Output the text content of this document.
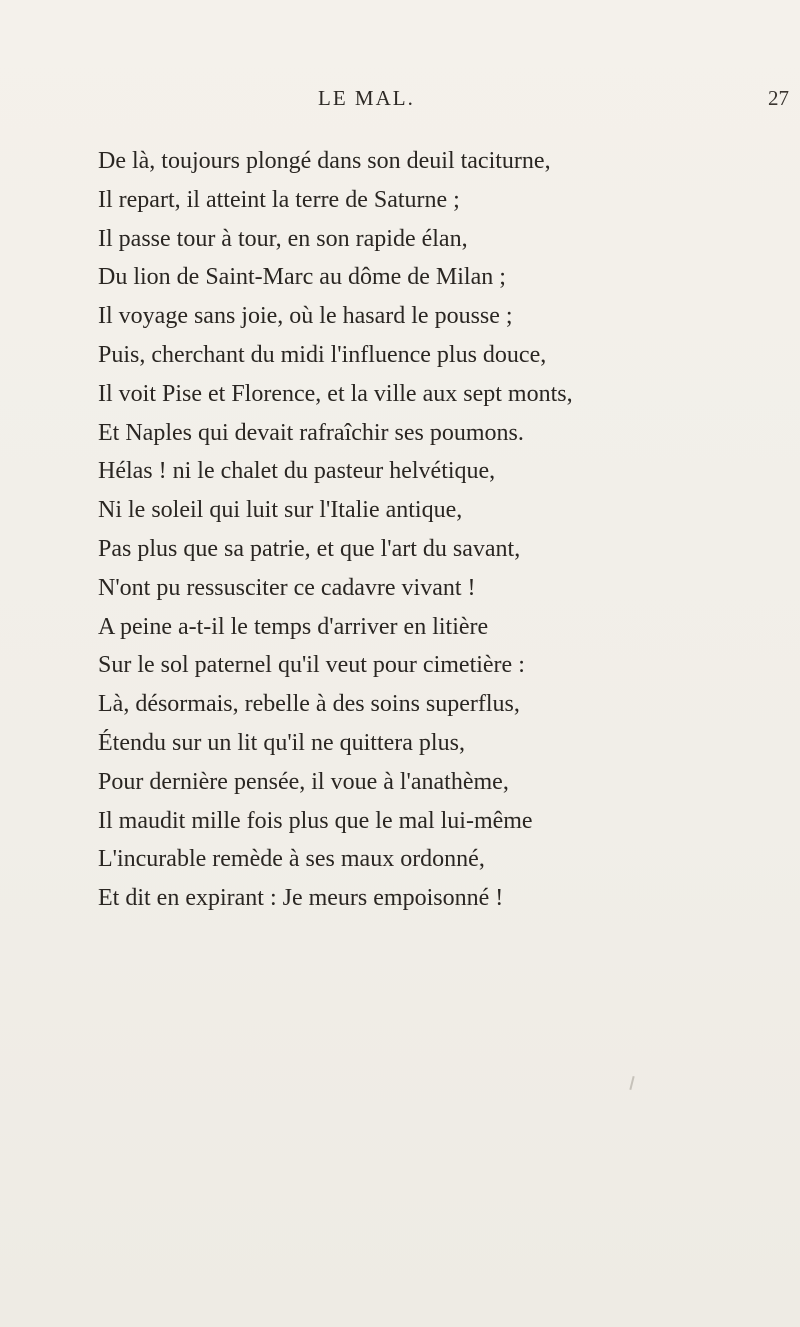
LE MAL.	27
De là, toujours plongé dans son deuil taciturne,
Il repart, il atteint la terre de Saturne ;
Il passe tour à tour, en son rapide élan,
Du lion de Saint-Marc au dôme de Milan ;
Il voyage sans joie, où le hasard le pousse ;
Puis, cherchant du midi l'influence plus douce,
Il voit Pise et Florence, et la ville aux sept monts,
Et Naples qui devait rafraîchir ses poumons.
Hélas ! ni le chalet du pasteur helvétique,
Ni le soleil qui luit sur l'Italie antique,
Pas plus que sa patrie, et que l'art du savant,
N'ont pu ressusciter ce cadavre vivant !
A peine a-t-il le temps d'arriver en litière
Sur le sol paternel qu'il veut pour cimetière :
Là, désormais, rebelle à des soins superflus,
Étendu sur un lit qu'il ne quittera plus,
Pour dernière pensée, il voue à l'anathème,
Il maudit mille fois plus que le mal lui-même
L'incurable remède à ses maux ordonné,
Et dit en expirant : Je meurs empoisonné !
